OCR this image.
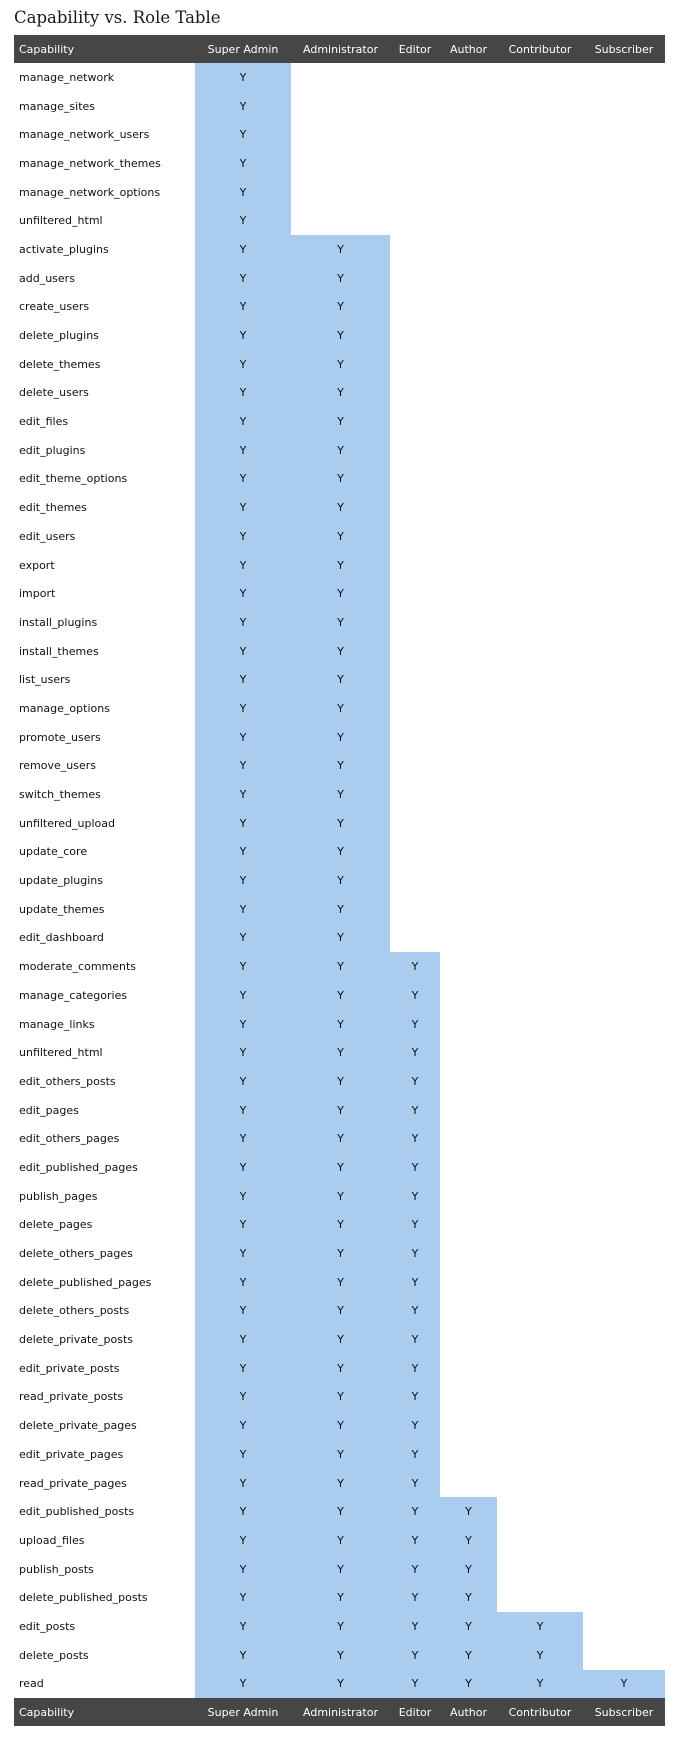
Capability vs. Role Table
Capability	Super Admin	Administrator	Editor	Author	Contributor	Subscriber
manage_network	Y					
manage_sites	Y					
manage_network_users	Y					
manage_network_themes	Y					
manage_network_options	Y					
unfiltered_html	Y					
activate_plugins	Y	Y				
add_users	Y	Y				
create_users	Y	Y				
delete_plugins	Y	Y				
delete_themes	Y	Y				
delete_users	Y	Y				
edit_files	Y	Y				
edit_plugins	Y	Y				
edit_theme_options	Y	Y				
edit_themes	Y	Y				
edit_users	Y	Y				
export	Y	Y				
import	Y	Y				
install_plugins	Y	Y				
install_themes	Y	Y				
list_users	Y	Y				
manage_options	Y	Y				
promote_users	Y	Y				
remove_users	Y	Y				
switch_themes	Y	Y				
unfiltered_upload	Y	Y				
update_core	Y	Y				
update_plugins	Y	Y				
update_themes	Y	Y				
edit_dashboard	Y	Y				
moderate_comments	Y	Y	Y			
manage_categories	Y	Y	Y			
manage_links	Y	Y	Y			
unfiltered_html	Y	Y	Y			
edit_others_posts	Y	Y	Y			
edit_pages	Y	Y	Y			
edit_others_pages	Y	Y	Y			
edit_published_pages	Y	Y	Y			
publish_pages	Y	Y	Y			
delete_pages	Y	Y	Y			
delete_others_pages	Y	Y	Y			
delete_published_pages	Y	Y	Y			
delete_others_posts	Y	Y	Y			
delete_private_posts	Y	Y	Y			
edit_private_posts	Y	Y	Y			
read_private_posts	Y	Y	Y			
delete_private_pages	Y	Y	Y			
edit_private_pages	Y	Y	Y			
read_private_pages	Y	Y	Y			
edit_published_posts	Y	Y	Y	Y		
upload_files	Y	Y	Y	Y		
publish_posts	Y	Y	Y	Y		
delete_published_posts	Y	Y	Y	Y		
edit_posts	Y	Y	Y	Y	Y	
delete_posts	Y	Y	Y	Y	Y	
read	Y	Y	Y	Y	Y	Y
Capability	Super Admin	Administrator	Editor	Author	Contributor	Subscriber
